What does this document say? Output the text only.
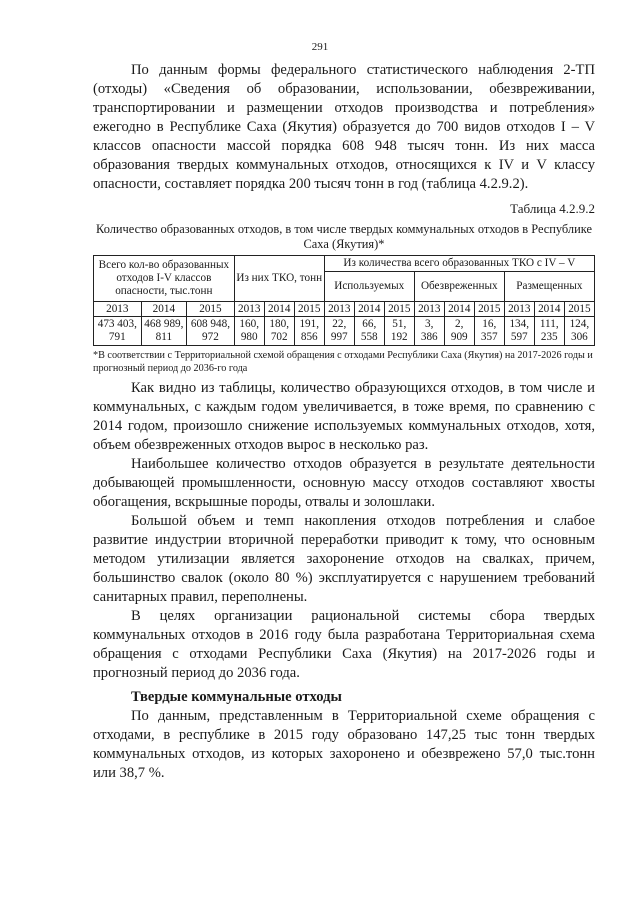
291

По данным формы федерального статистического наблюдения 2-ТП (отходы) «Сведения об образовании, использовании, обезвреживании, транспортировании и размещении отходов производства и потребления» ежегодно в Республике Саха (Якутия) образуется до 700 видов отходов I – V классов опасности массой порядка 608 948 тысяч тонн. Из них масса образования твердых коммунальных отходов, относящихся к IV и V классу опасности, составляет порядка 200 тысяч тонн в год (таблица 4.2.9.2).

Таблица 4.2.9.2
Количество образованных отходов, в том числе твердых коммунальных отходов в Республике Саха (Якутия)*
Всего кол-во образованных отходов I-V классов опасности, тыс.тонн			Из них ТКО, тонн			Из количества всего образованных ТКО с IV – V								
						Используемых			Обезвреженных			Размещенных		
2013	2014	2015	2013	2014	2015	2013	2014	2015	2013	2014	2015	2013	2014	2015
473 403, 791	468 989, 811	608 948, 972	160, 980	180, 702	191, 856	22, 997	66, 558	51, 192	3, 386	2, 909	16, 357	134, 597	111, 235	124, 306
*В соответствии с Территориальной схемой обращения с отходами Республики Саха (Якутия) на 2017-2026 годы и прогнозный период до 2036-го года

Как видно из таблицы, количество образующихся отходов, в том числе и коммунальных, с каждым годом увеличивается, в тоже время, по сравнению с 2014 годом, произошло снижение используемых коммунальных отходов, хотя, объем обезвреженных отходов вырос в несколько раз.

Наибольшее количество отходов образуется в результате деятельности добывающей промышленности, основную массу отходов составляют хвосты обогащения, вскрышные породы, отвалы и золошлаки.

Большой объем и темп накопления отходов потребления и слабое развитие индустрии вторичной переработки приводит к тому, что основным методом утилизации является захоронение отходов на свалках, причем, большинство свалок (около 80 %) эксплуатируется с нарушением требований санитарных правил, переполнены.

В целях организации рациональной системы сбора твердых коммунальных отходов в 2016 году была разработана Территориальная схема обращения с отходами Республики Саха (Якутия) на 2017-2026 годы и прогнозный период до 2036 года.

Твердые коммунальные отходы

По данным, представленным в Территориальной схеме обращения с отходами, в республике в 2015 году образовано 147,25 тыс тонн твердых коммунальных отходов, из которых захоронено и обезврежено 57,0 тыс.тонн или 38,7 %.
